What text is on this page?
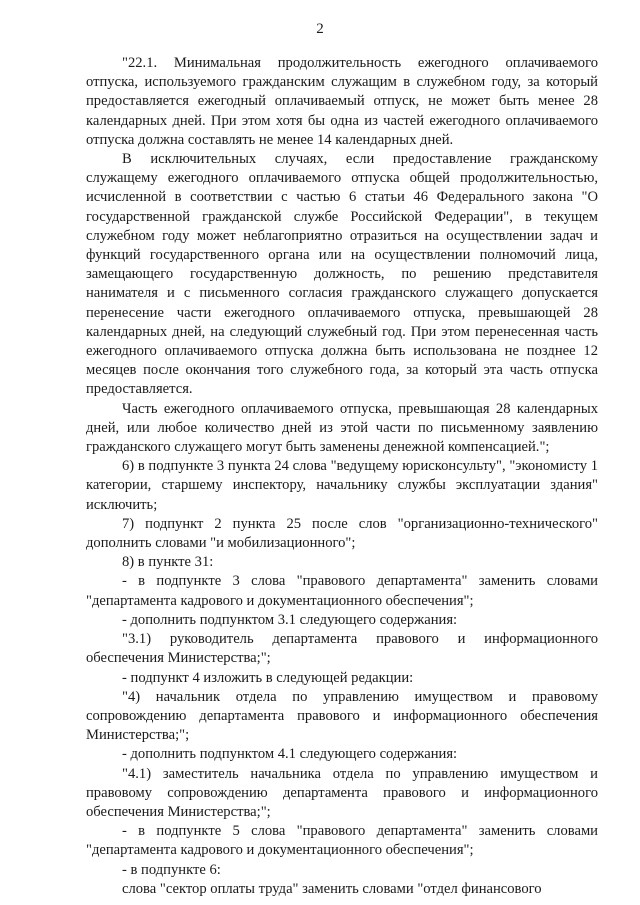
2

"22.1. Минимальная продолжительность ежегодного оплачиваемого отпуска, используемого гражданским служащим в служебном году, за который предоставляется ежегодный оплачиваемый отпуск, не может быть менее 28 календарных дней. При этом хотя бы одна из частей ежегодного оплачиваемого отпуска должна составлять не менее 14 календарных дней.

В исключительных случаях, если предоставление гражданскому служащему ежегодного оплачиваемого отпуска общей продолжительностью, исчисленной в соответствии с частью 6 статьи 46 Федерального закона "О государственной гражданской службе Российской Федерации", в текущем служебном году может неблагоприятно отразиться на осуществлении задач и функций государственного органа или на осуществлении полномочий лица, замещающего государственную должность, по решению представителя нанимателя и с письменного согласия гражданского служащего допускается перенесение части ежегодного оплачиваемого отпуска, превышающей 28 календарных дней, на следующий служебный год. При этом перенесенная часть ежегодного оплачиваемого отпуска должна быть использована не позднее 12 месяцев после окончания того служебного года, за который эта часть отпуска предоставляется.

Часть ежегодного оплачиваемого отпуска, превышающая 28 календарных дней, или любое количество дней из этой части по письменному заявлению гражданского служащего могут быть заменены денежной компенсацией.";

6) в подпункте 3 пункта 24 слова "ведущему юрисконсульту", "экономисту 1 категории, старшему инспектору, начальнику службы эксплуатации здания" исключить;

7) подпункт 2 пункта 25 после слов "организационно-технического" дополнить словами "и мобилизационного";

8) в пункте 31:

- в подпункте 3 слова "правового департамента" заменить словами "департамента кадрового и документационного обеспечения";

- дополнить подпунктом 3.1 следующего содержания:

"3.1) руководитель департамента правового и информационного обеспечения Министерства;";

- подпункт 4 изложить в следующей редакции:

"4) начальник отдела по управлению имуществом и правовому сопровождению департамента правового и информационного обеспечения Министерства;";

- дополнить подпунктом 4.1 следующего содержания:

"4.1) заместитель начальника отдела по управлению имуществом и правовому сопровождению департамента правового и информационного обеспечения Министерства;";

- в подпункте 5 слова "правового департамента" заменить словами "департамента кадрового и документационного обеспечения";

- в подпункте 6:

слова "сектор оплаты труда" заменить словами "отдел финансового
